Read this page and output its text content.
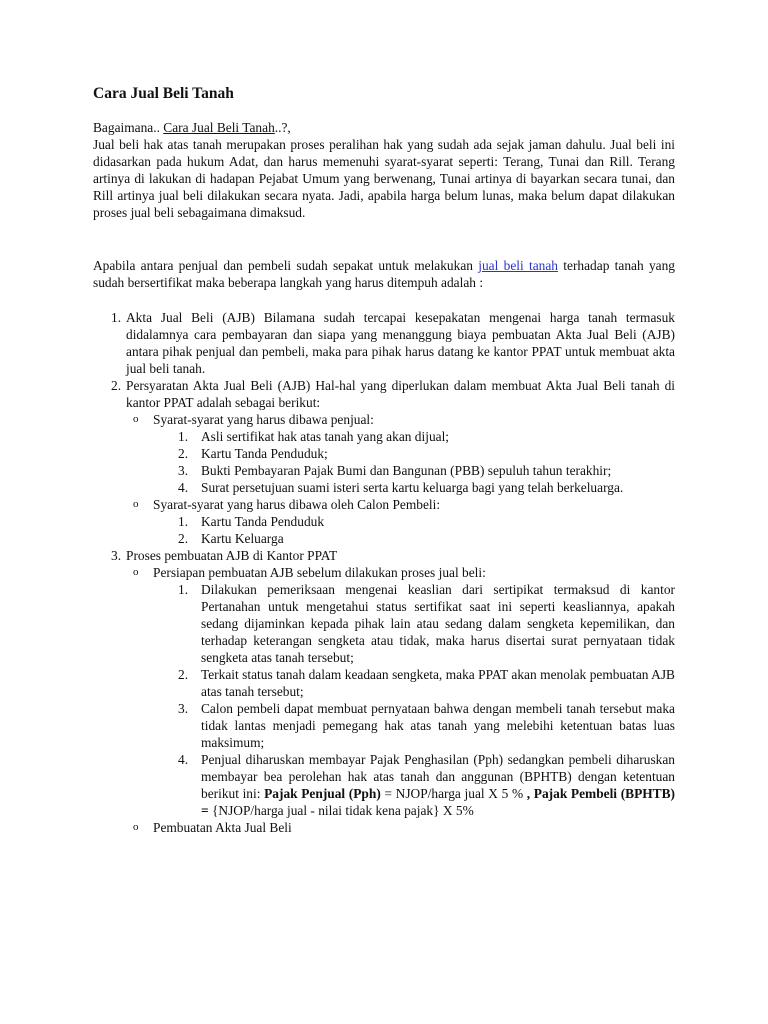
Cara Jual Beli Tanah

Bagaimana.. Cara Jual Beli Tanah..?,
Jual beli hak atas tanah merupakan proses peralihan hak yang sudah ada sejak jaman dahulu. Jual beli ini didasarkan pada hukum Adat, dan harus memenuhi syarat-syarat seperti: Terang, Tunai dan Rill. Terang artinya di lakukan di hadapan Pejabat Umum yang berwenang, Tunai artinya di bayarkan secara tunai, dan Rill artinya jual beli dilakukan secara nyata. Jadi, apabila harga belum lunas, maka belum dapat dilakukan proses jual beli sebagaimana dimaksud.

Apabila antara penjual dan pembeli sudah sepakat untuk melakukan jual beli tanah terhadap tanah yang sudah bersertifikat maka beberapa langkah yang harus ditempuh adalah :

1. Akta Jual Beli (AJB) Bilamana sudah tercapai kesepakatan mengenai harga tanah termasuk didalamnya cara pembayaran dan siapa yang menanggung biaya pembuatan Akta Jual Beli (AJB) antara pihak penjual dan pembeli, maka para pihak harus datang ke kantor PPAT untuk membuat akta jual beli tanah.
2. Persyaratan Akta Jual Beli (AJB) Hal-hal yang diperlukan dalam membuat Akta Jual Beli tanah di kantor PPAT adalah sebagai berikut:
o Syarat-syarat yang harus dibawa penjual:
1. Asli sertifikat hak atas tanah yang akan dijual;
2. Kartu Tanda Penduduk;
3. Bukti Pembayaran Pajak Bumi dan Bangunan (PBB) sepuluh tahun terakhir;
4. Surat persetujuan suami isteri serta kartu keluarga bagi yang telah berkeluarga.
o Syarat-syarat yang harus dibawa oleh Calon Pembeli:
1. Kartu Tanda Penduduk
2. Kartu Keluarga
3. Proses pembuatan AJB di Kantor PPAT
o Persiapan pembuatan AJB sebelum dilakukan proses jual beli:
1. Dilakukan pemeriksaan mengenai keaslian dari sertipikat termaksud di kantor Pertanahan untuk mengetahui status sertifikat saat ini seperti keasliannya, apakah sedang dijaminkan kepada pihak lain atau sedang dalam sengketa kepemilikan, dan terhadap keterangan sengketa atau tidak, maka harus disertai surat pernyataan tidak sengketa atas tanah tersebut;
2. Terkait status tanah dalam keadaan sengketa, maka PPAT akan menolak pembuatan AJB atas tanah tersebut;
3. Calon pembeli dapat membuat pernyataan bahwa dengan membeli tanah tersebut maka tidak lantas menjadi pemegang hak atas tanah yang melebihi ketentuan batas luas maksimum;
4. Penjual diharuskan membayar Pajak Penghasilan (Pph) sedangkan pembeli diharuskan membayar bea perolehan hak atas tanah dan anggunan (BPHTB) dengan ketentuan berikut ini: Pajak Penjual (Pph) = NJOP/harga jual X 5 % , Pajak Pembeli (BPHTB) = {NJOP/harga jual - nilai tidak kena pajak} X 5%
o Pembuatan Akta Jual Beli
